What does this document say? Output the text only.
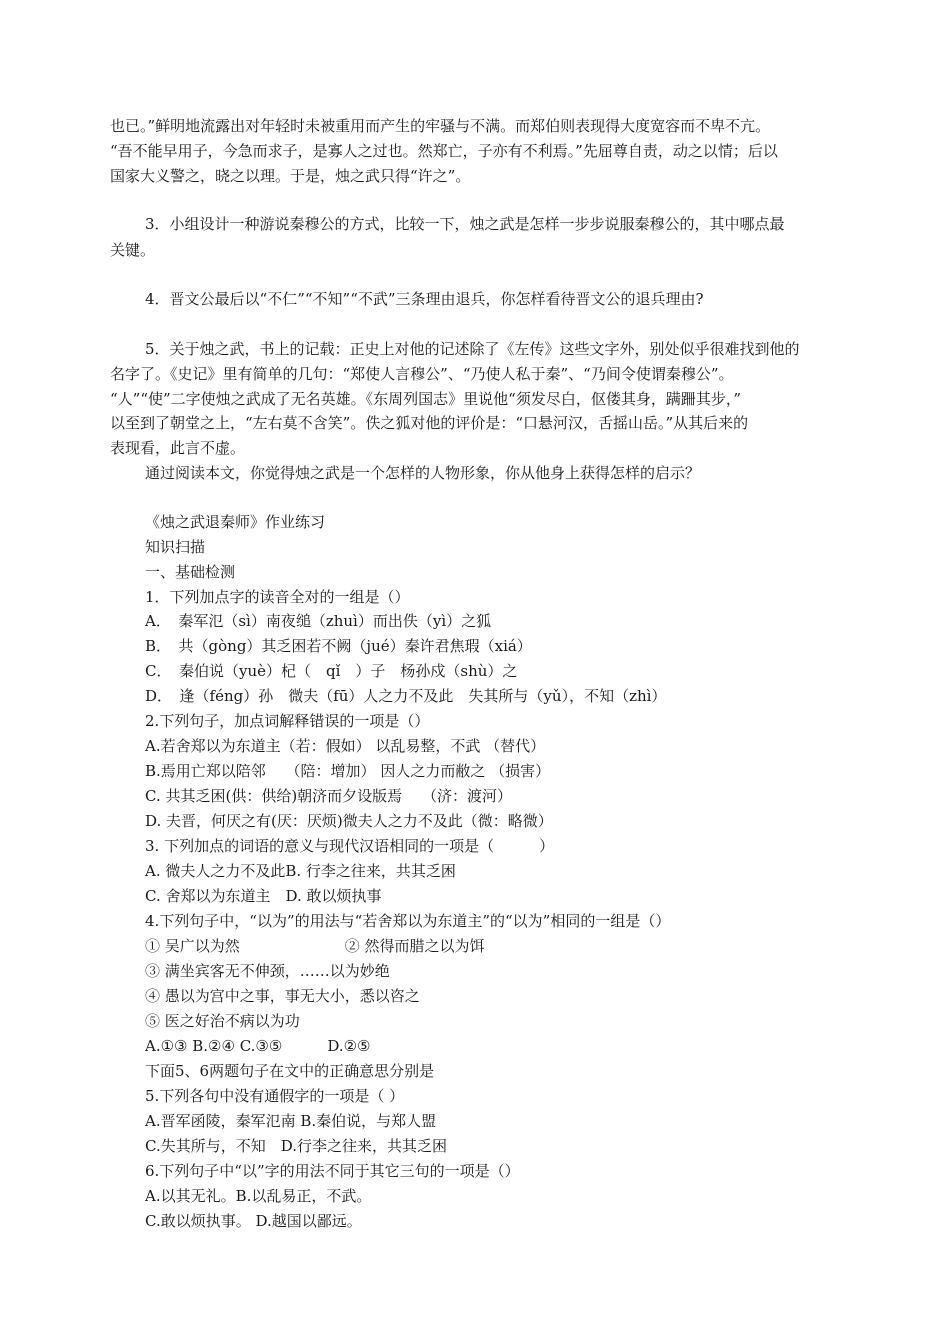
也已。”鲜明地流露出对年轻时未被重用而产生的牢骚与不满。而郑伯则表现得大度宽容而不卑不亢。
“吾不能早用子，今急而求子，是寡人之过也。然郑亡，子亦有不利焉。”先屈尊自责，动之以情；后以
国家大义警之，晓之以理。于是，烛之武只得“许之”。
3．小组设计一种游说秦穆公的方式，比较一下，烛之武是怎样一步步说服秦穆公的，其中哪点最
关键。
4．晋文公最后以“不仁”“不知”“不武”三条理由退兵，你怎样看待晋文公的退兵理由?
5．关于烛之武，书上的记载：正史上对他的记述除了《左传》这些文字外，别处似乎很难找到他的
名字了。《史记》里有简单的几句：“郑使人言穆公”、“乃使人私于秦”、“乃间令使谓秦穆公”。
“人”“使”二字使烛之武成了无名英雄。《东周列国志》里说他“须发尽白，伛偻其身，蹒跚其步，”
以至到了朝堂之上，“左右莫不含笑”。佚之狐对他的评价是：“口悬河汉，舌摇山岳。”从其后来的
表现看，此言不虚。
通过阅读本文，你觉得烛之武是一个怎样的人物形象，你从他身上获得怎样的启示？
《烛之武退秦师》作业练习
知识扫描
一、基础检测
1．下列加点字的读音全对的一组是（）
A．　秦军氾（sì）南夜缒（zhuì）而出佚（yì）之狐
B．　共（gòng）其乏困若不阙（jué）秦许君焦瑕（xiá）
C．　秦伯说（yuè）杞（　qǐ　）子　杨孙戍（shù）之
D．　逢（féng）孙　微夫（fū）人之力不及此　失其所与（yǔ），不知（zhì）
2.下列句子，加点词解释错误的一项是（）
A.若舍郑以为东道主（若：假如） 以乱易整，不武 （替代）
B.焉用亡郑以陪邻　 （陪：增加） 因人之力而敝之 （损害）
C. 共其乏困(供：供给)朝济而夕设版焉　 （济：渡河）
D. 夫晋，何厌之有(厌：厌烦)微夫人之力不及此（微：略微）
3. 下列加点的词语的意义与现代汉语相同的一项是（　　　）
A. 微夫人之力不及此B. 行李之往来，共其乏困
C. 舍郑以为东道主　D. 敢以烦执事
4.下列句子中，“以为”的用法与“若舍郑以为东道主”的“以为”相同的一组是（）
① 吴广以为然　　　　　　　② 然得而腊之以为饵
③ 满坐宾客无不伸颈，……以为妙绝
④ 愚以为宫中之事，事无大小，悉以咨之
⑤ 医之好治不病以为功
A.①③ B.②④ C.③⑤　　　D.②⑤
下面5、6两题句子在文中的正确意思分别是
5.下列各句中没有通假字的一项是（ ）
A.晋军函陵，秦军氾南 B.秦伯说，与郑人盟
C.失其所与，不知　D.行李之往来，共其乏困
6.下列句子中“以”字的用法不同于其它三句的一项是（）
A.以其无礼。B.以乱易正，不武。
C.敢以烦执事。 D.越国以鄙远。
